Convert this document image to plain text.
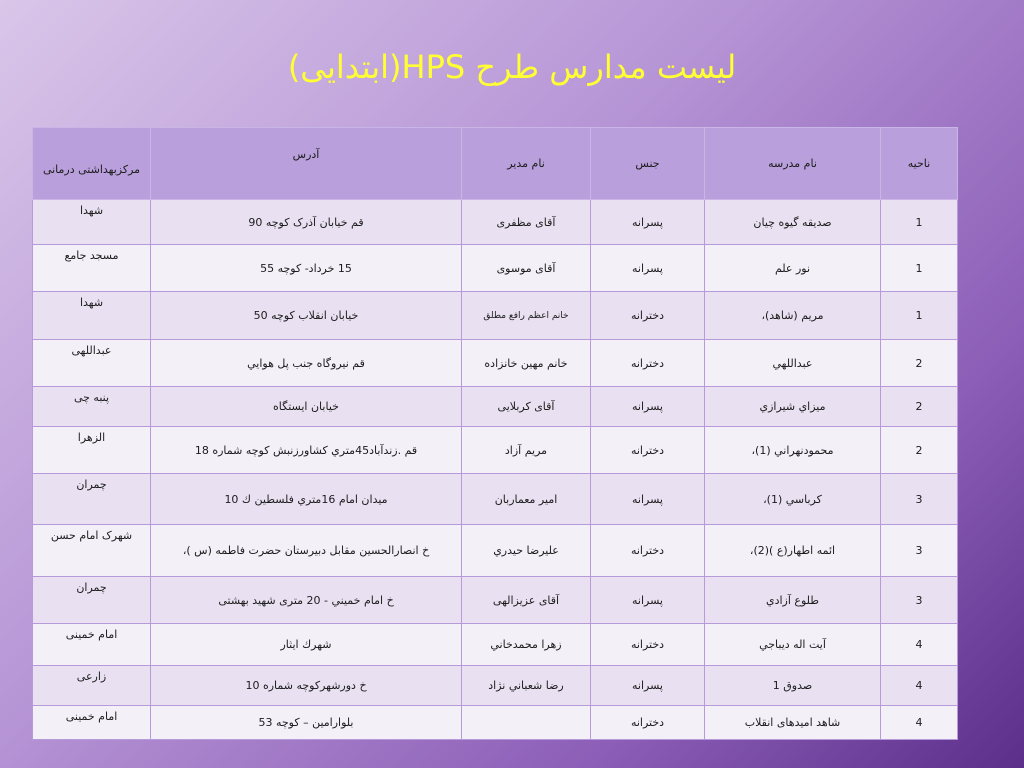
لیست مدارس طرح HPS(ابتدایی)
ناحیه	نام مدرسه	جنس	نام مدیر	آدرس	مرکزبهداشتی درمانی
1	صدیقه گیوه چیان	پسرانه	آقای مظفری	قم خیابان آذرک کوچه 90	شهدا
1	نور علم	پسرانه	آقای موسوی	15 خرداد- کوچه 55	مسجد جامع
1	مریم (شاهد)،	دخترانه	خانم اعظم رافع مطلق	خیابان انقلاب کوچه 50	شهدا
2	عبداللهي	دخترانه	خانم مهين خانزاده	قم نيروگاه جنب پل هوايي	عبداللهی
2	ميزاي شيرازي	پسرانه	آقای کربلایی	خیابان ایستگاه	پنبه چی
2	محمودنهراني (1)،	دخترانه	مریم آزاد	قم .زندآباد45متري كشاورزنبش كوچه شماره 18	الزهرا
3	كرباسي (1)،	پسرانه	امير معماربان	ميدان امام 16متري فلسطين ك 10	چمران
3	ائمه اطهار(ع )(2)،	دخترانه	عليرضا حيدري	خ انصارالحسين مقابل دبيرستان حضرت فاطمه (س )،	شهرک امام حسن
3	طلوع آزادي	پسرانه	آقای عزیزالهی	خ امام خميني - 20 متری شهید بهشتی	چمران
4	آيت اله ديباجي	دخترانه	زهرا محمدخاني	شهرك ايثار	امام خمینی
4	صدوق 1	پسرانه	رضا شعباني نژاد	خ دورشهركوچه شماره 10	زارعی
4	شاهد امیدهای انقلاب	دخترانه		بلوارامین – کوچه 53	امام خمینی
